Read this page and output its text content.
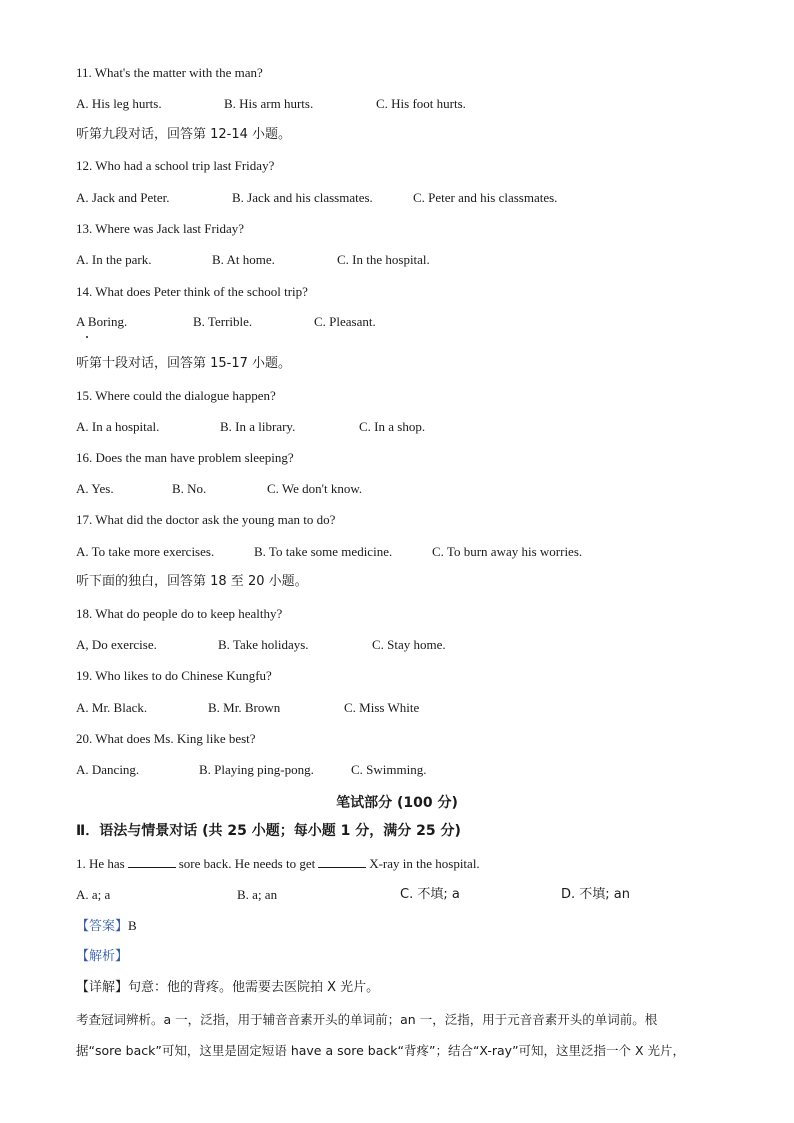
11. What's the matter with the man?
A. His leg hurts.	B. His arm hurts.	C. His foot hurts.
听第九段对话，回答第 12-14 小题。
12. Who had a school trip last Friday?
A. Jack and Peter.	B. Jack and his classmates.	C. Peter and his classmates.
13. Where was Jack last Friday?
A. In the park.	B. At home.	C. In the hospital.
14. What does Peter think of the school trip?
A Boring.	B. Terrible.	C. Pleasant.
听第十段对话，回答第 15-17 小题。
15. Where could the dialogue happen?
A. In a hospital.	B. In a library.	C. In a shop.
16. Does the man have problem sleeping?
A. Yes.	B. No.	C. We don't know.
17. What did the doctor ask the young man to do?
A. To take more exercises.	B. To take some medicine.	C. To burn away his worries.
听下面的独白，回答第 18 至 20 小题。
18. What do people do to keep healthy?
A, Do exercise.	B. Take holidays.	C. Stay home.
19. Who likes to do Chinese Kungfu?
A. Mr. Black.	B. Mr. Brown	C. Miss White
20. What does Ms. King like best?
A. Dancing.	B. Playing ping-pong.	C. Swimming.
笔试部分 (100 分)
Ⅱ．语法与情景对话 (共 25 小题；每小题 1 分，满分 25 分)
1. He has	sore back. He needs to get	X-ray in the hospital.
A. a; a	B. a; an	C. 不填; a	D. 不填; an
【答案】B
【解析】
【详解】句意：他的背疼。他需要去医院拍 X 光片。
考查冠词辨析。a 一，泛指，用于辅音音素开头的单词前；an 一，泛指，用于元音音素开头的单词前。根
据“sore back”可知，这里是固定短语 have a sore back“背疼”；结合“X-ray”可知，这里泛指一个 X 光片，
